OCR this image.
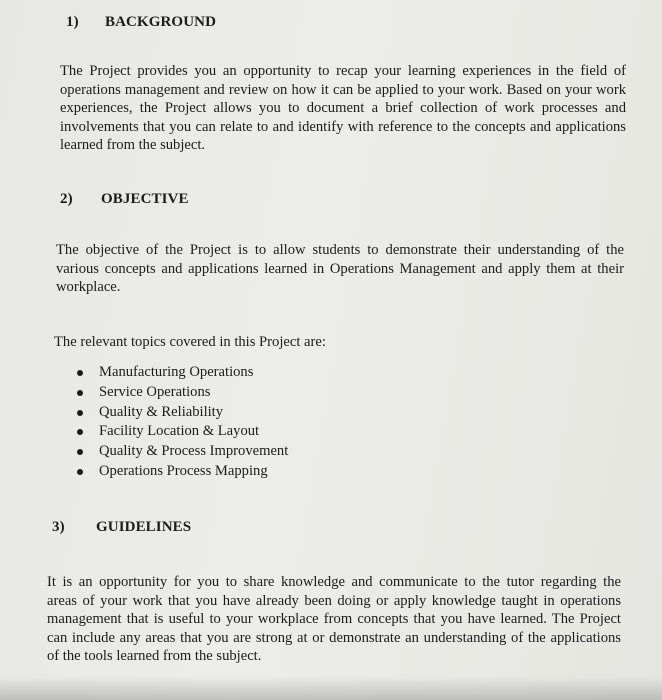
1) BACKGROUND
The Project provides you an opportunity to recap your learning experiences in the field of
operations management and review on how it can be applied to your work. Based on your work
experiences, the Project allows you to document a brief collection of work processes and
involvements that you can relate to and identify with reference to the concepts and applications
learned from the subject.
2) OBJECTIVE
The objective of the Project is to allow students to demonstrate their understanding of the
various concepts and applications learned in Operations Management and apply them at their
workplace.
The relevant topics covered in this Project are:
Manufacturing Operations
Service Operations
Quality & Reliability
Facility Location & Layout
Quality & Process Improvement
Operations Process Mapping
3) GUIDELINES
It is an opportunity for you to share knowledge and communicate to the tutor regarding the
areas of your work that you have already been doing or apply knowledge taught in operations
management that is useful to your workplace from concepts that you have learned. The Project
can include any areas that you are strong at or demonstrate an understanding of the applications
of the tools learned from the subject.
